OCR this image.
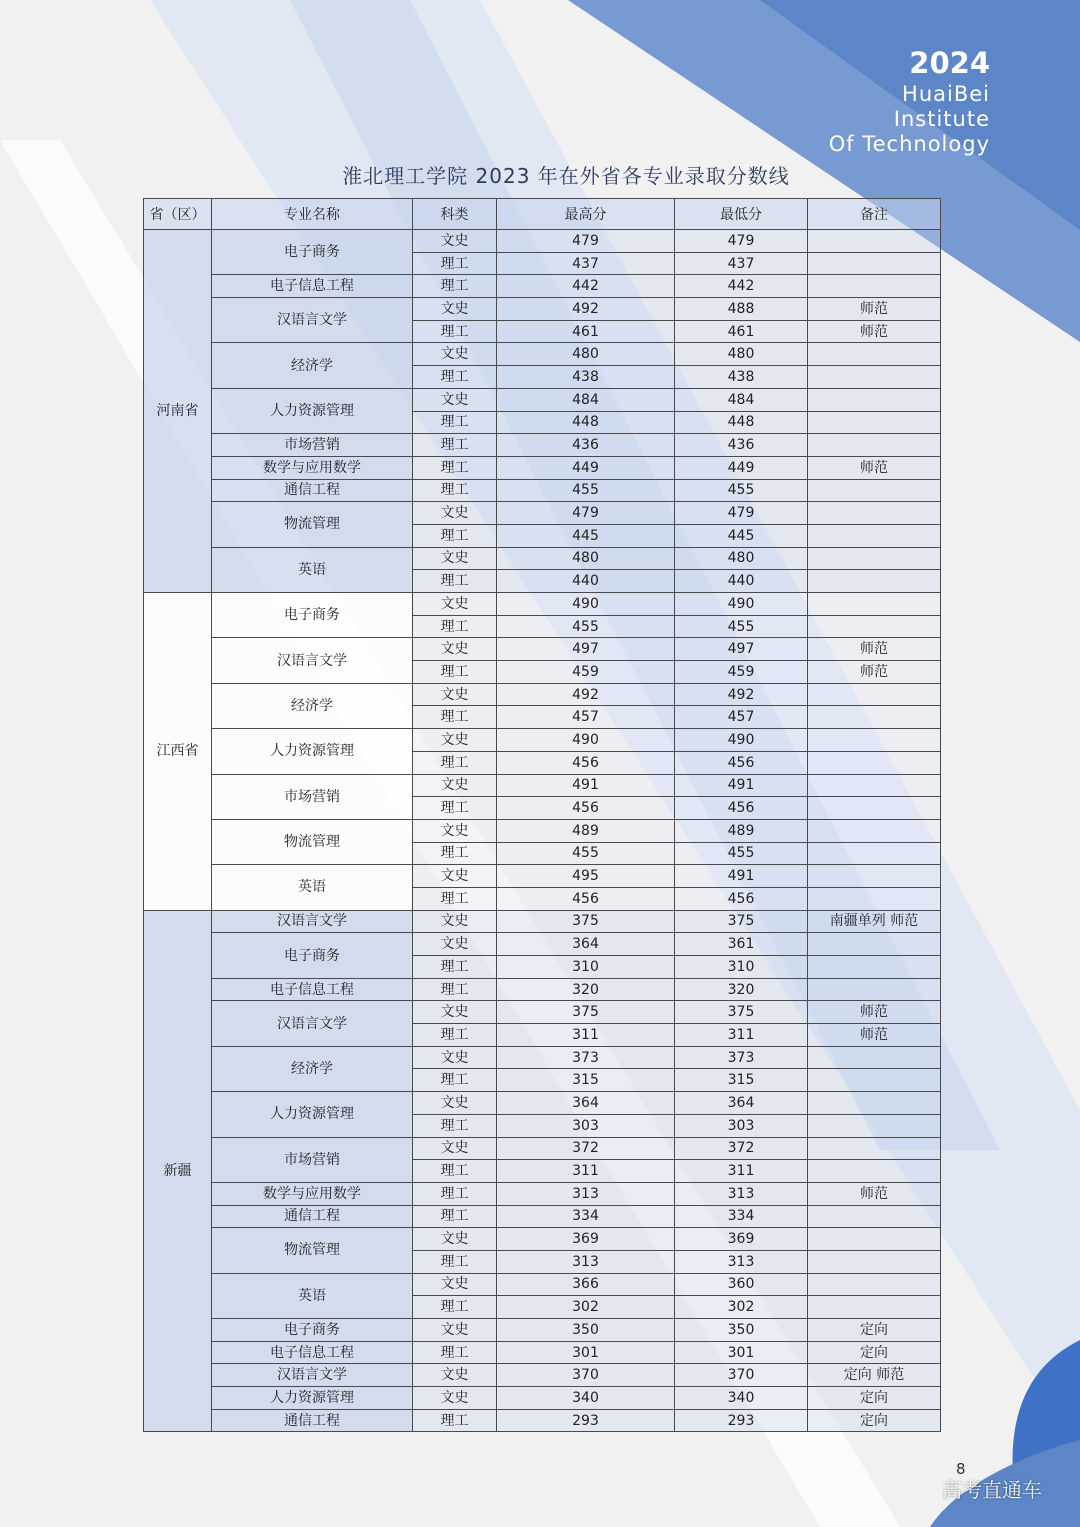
2024
HuaiBei
Institute
Of Technology
淮北理工学院 2023 年在外省各专业录取分数线
省（区）	专业名称	科类	最高分	最低分	备注
河南省	电子商务	文史	479	479	
		理工	437	437	
	电子信息工程	理工	442	442	
	汉语言文学	文史	492	488	师范
		理工	461	461	师范
	经济学	文史	480	480	
		理工	438	438	
	人力资源管理	文史	484	484	
		理工	448	448	
	市场营销	理工	436	436	
	数学与应用数学	理工	449	449	师范
	通信工程	理工	455	455	
	物流管理	文史	479	479	
		理工	445	445	
	英语	文史	480	480	
		理工	440	440	
江西省	电子商务	文史	490	490	
		理工	455	455	
	汉语言文学	文史	497	497	师范
		理工	459	459	师范
	经济学	文史	492	492	
		理工	457	457	
	人力资源管理	文史	490	490	
		理工	456	456	
	市场营销	文史	491	491	
		理工	456	456	
	物流管理	文史	489	489	
		理工	455	455	
	英语	文史	495	491	
		理工	456	456	
新疆	汉语言文学	文史	375	375	南疆单列 师范
	电子商务	文史	364	361	
		理工	310	310	
	电子信息工程	理工	320	320	
	汉语言文学	文史	375	375	师范
		理工	311	311	师范
	经济学	文史	373	373	
		理工	315	315	
	人力资源管理	文史	364	364	
		理工	303	303	
	市场营销	文史	372	372	
		理工	311	311	
	数学与应用数学	理工	313	313	师范
	通信工程	理工	334	334	
	物流管理	文史	369	369	
		理工	313	313	
	英语	文史	366	360	
		理工	302	302	
	电子商务	文史	350	350	定向
	电子信息工程	理工	301	301	定向
	汉语言文学	文史	370	370	定向 师范
	人力资源管理	文史	340	340	定向
	通信工程	理工	293	293	定向
8
高考直通车
